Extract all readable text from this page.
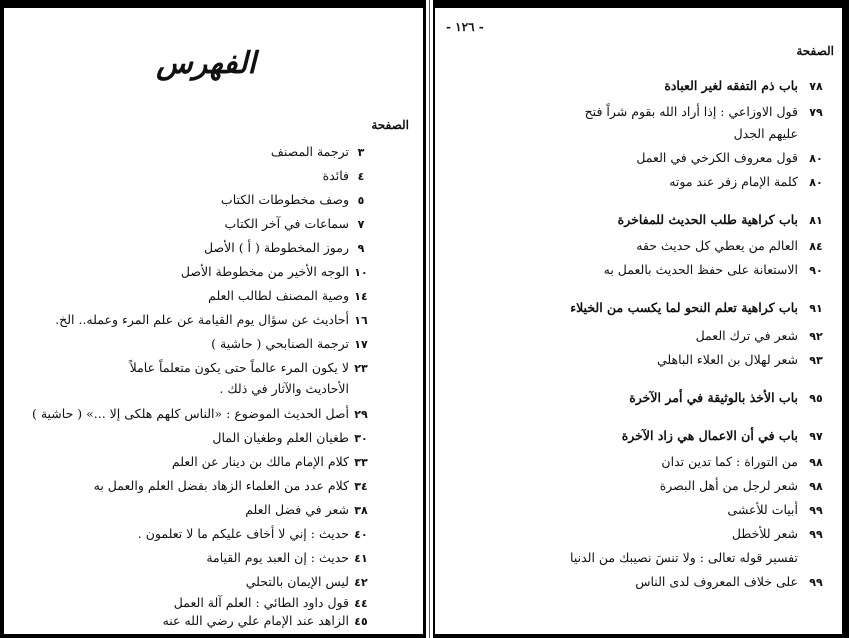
الفهرس
الصفحة
٣
ترجمة المصنف
٤
فائدة
٥
وصف مخطوطات الكتاب
٧
سماعات في آخر الكتاب
٩
رموز المخطوطة ( أ ) الأصل
١٠
الوجه الأخير من مخطوطة الأصل
١٤
وصية المصنف لطالب العلم
١٦
أحاديث عن سؤال يوم القيامة عن علم المرء وعمله.. الخ.
١٧
ترجمة الصنابحي ( حاشية )
٢٣
لا يكون المرء عالماً حتى يكون متعلماً عاملاً
الأحاديث والآثار في ذلك .
٢٩
أصل الحديث الموضوع : «الناس كلهم هلكى إلا ...» ( حاشية )
٣٠
طغيان العلم وطغيان المال
٣٣
كلام الإمام مالك بن دينار عن العلم
٣٤
كلام عدد من العلماء الزهاد بفضل العلم والعمل به
٣٨
شعر في فضل العلم
٤٠
حديث : إني لا أخاف عليكم ما لا تعلمون .
٤١
حديث : إن العبد يوم القيامة
٤٢
ليس الإيمان بالتحلي
٤٤
قول داود الطائي : العلم آلة العمل
٤٥
الزاهد عند الإمام علي رضي الله عنه
- ١٢٦ -
الصفحة
٧٨
باب ذم التفقه لغير العبادة
٧٩
قول الاوزاعي : إذا أراد الله بقوم شراً فتح
عليهم الجدل
٨٠
قول معروف الكرخي في العمل
٨٠
كلمة الإمام زفر عند موته
٨١
باب كراهية طلب الحديث للمفاخرة
٨٤
العالم من يعطي كل حديث حقه
٩٠
الاستعانة على حفظ الحديث بالعمل به
٩١
باب كراهية تعلم النحو لما يكسب من الخيلاء
٩٢
شعر في ترك العمل
٩٣
شعر لهلال بن العلاء الباهلي
٩٥
باب الأخذ بالوثيقة في أمر الآخرة
٩٧
باب في أن الاعمال هي زاد الآخرة
٩٨
من التوراة : كما تدين تدان
٩٨
شعر لرجل من أهل البصرة
٩٩
أبيات للأعشى
٩٩
شعر للأخطل
تفسير قوله تعالى : ولا تنسَ نصيبك من الدنيا
٩٩
على خلاف المعروف لدى الناس
